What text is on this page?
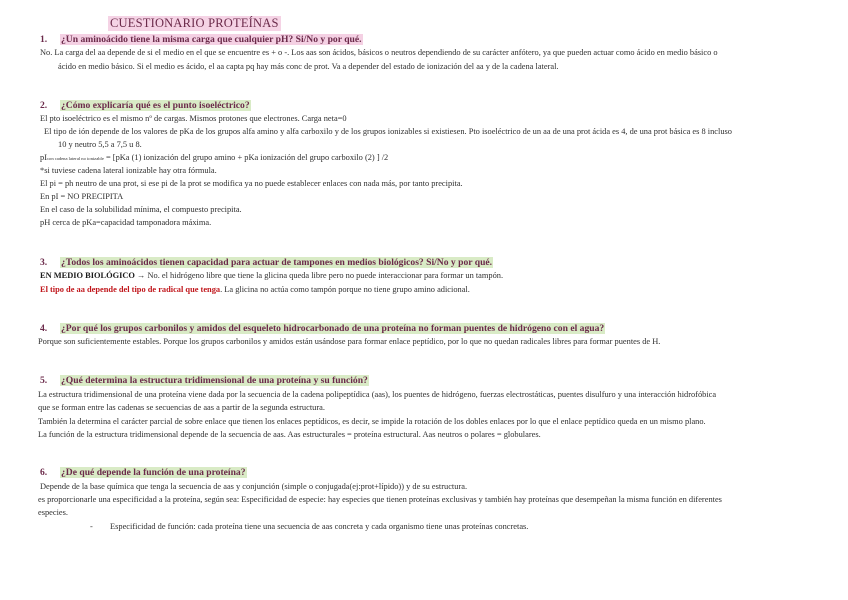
CUESTIONARIO PROTEÍNAS
1. ¿Un aminoácido tiene la misma carga que cualquier pH? Si/No y por qué.
No. La carga del aa depende de si el medio en el que se encuentre es + o -. Los aas son ácidos, básicos o neutros dependiendo de su carácter anfótero, ya que pueden actuar como ácido en medio básico o
ácido en medio básico. Si el medio es ácido, el aa capta pq hay más conc de prot. Va a depender del estado de ionización del aa y de la cadena lateral.
2. ¿Cómo explicaría qué es el punto isoeléctrico?
El pto isoeléctrico es el mismo nº de cargas. Mismos protones que electrones. Carga neta=0
El tipo de ión depende de los valores de pKa de los grupos alfa amino y alfa carboxilo y de los grupos ionizables si existiesen. Pto isoeléctrico de un aa de una prot ácida es 4, de una prot básica es 8 incluso
10 y neutro 5,5 a 7,5 u 8.
pIcon cadena lateral no ionizable = [pKa (1) ionización del grupo amino + pKa ionización del grupo carboxilo (2) ] /2
*si tuviese cadena lateral ionizable hay otra fórmula.
El pi = ph neutro de una prot, si ese pi de la prot se modifica ya no puede establecer enlaces con nada más, por tanto precipita.
En pI = NO PRECIPITA
En el caso de la solubilidad mínima, el compuesto precipita.
pH cerca de pKa=capacidad tamponadora máxima.
3. ¿Todos los aminoácidos tienen capacidad para actuar de tampones en medios biológicos? Si/No y por qué.
EN MEDIO BIOLÓGICO → No. el hidrógeno libre que tiene la glicina queda libre pero no puede interaccionar para formar un tampón.
El tipo de aa depende del tipo de radical que tenga. La glicina no actúa como tampón porque no tiene grupo amino adicional.
4. ¿Por qué los grupos carbonilos y amidos del esqueleto hidrocarbonado de una proteína no forman puentes de hidrógeno con el agua?
Porque son suficientemente estables. Porque los grupos carbonilos y amidos están usándose para formar enlace peptídico, por lo que no quedan radicales libres para formar puentes de H.
5. ¿Qué determina la estructura tridimensional de una proteína y su función?
La estructura tridimensional de una proteína viene dada por la secuencia de la cadena polipeptídica (aas), los puentes de hidrógeno, fuerzas electrostáticas, puentes disulfuro y una interacción hidrofóbica
que se forman entre las cadenas se secuencias de aas a partir de la segunda estructura.
También la determina el carácter parcial de sobre enlace que tienen los enlaces peptídicos, es decir, se impide la rotación de los dobles enlaces por lo que el enlace peptídico queda en un mismo plano.
La función de la estructura tridimensional depende de la secuencia de aas. Aas estructurales = proteína estructural. Aas neutros o polares = globulares.
6. ¿De qué depende la función de una proteína?
Depende de la base química que tenga la secuencia de aas y conjunción (simple o conjugada(ej:prot+lípido)) y de su estructura.
es proporcionarle una especificidad a la proteína, según sea: Especificidad de especie: hay especies que tienen proteínas exclusivas y también hay proteínas que desempeñan la misma función en diferentes
especies.
- Especificidad de función: cada proteína tiene una secuencia de aas concreta y cada organismo tiene unas proteínas concretas.
